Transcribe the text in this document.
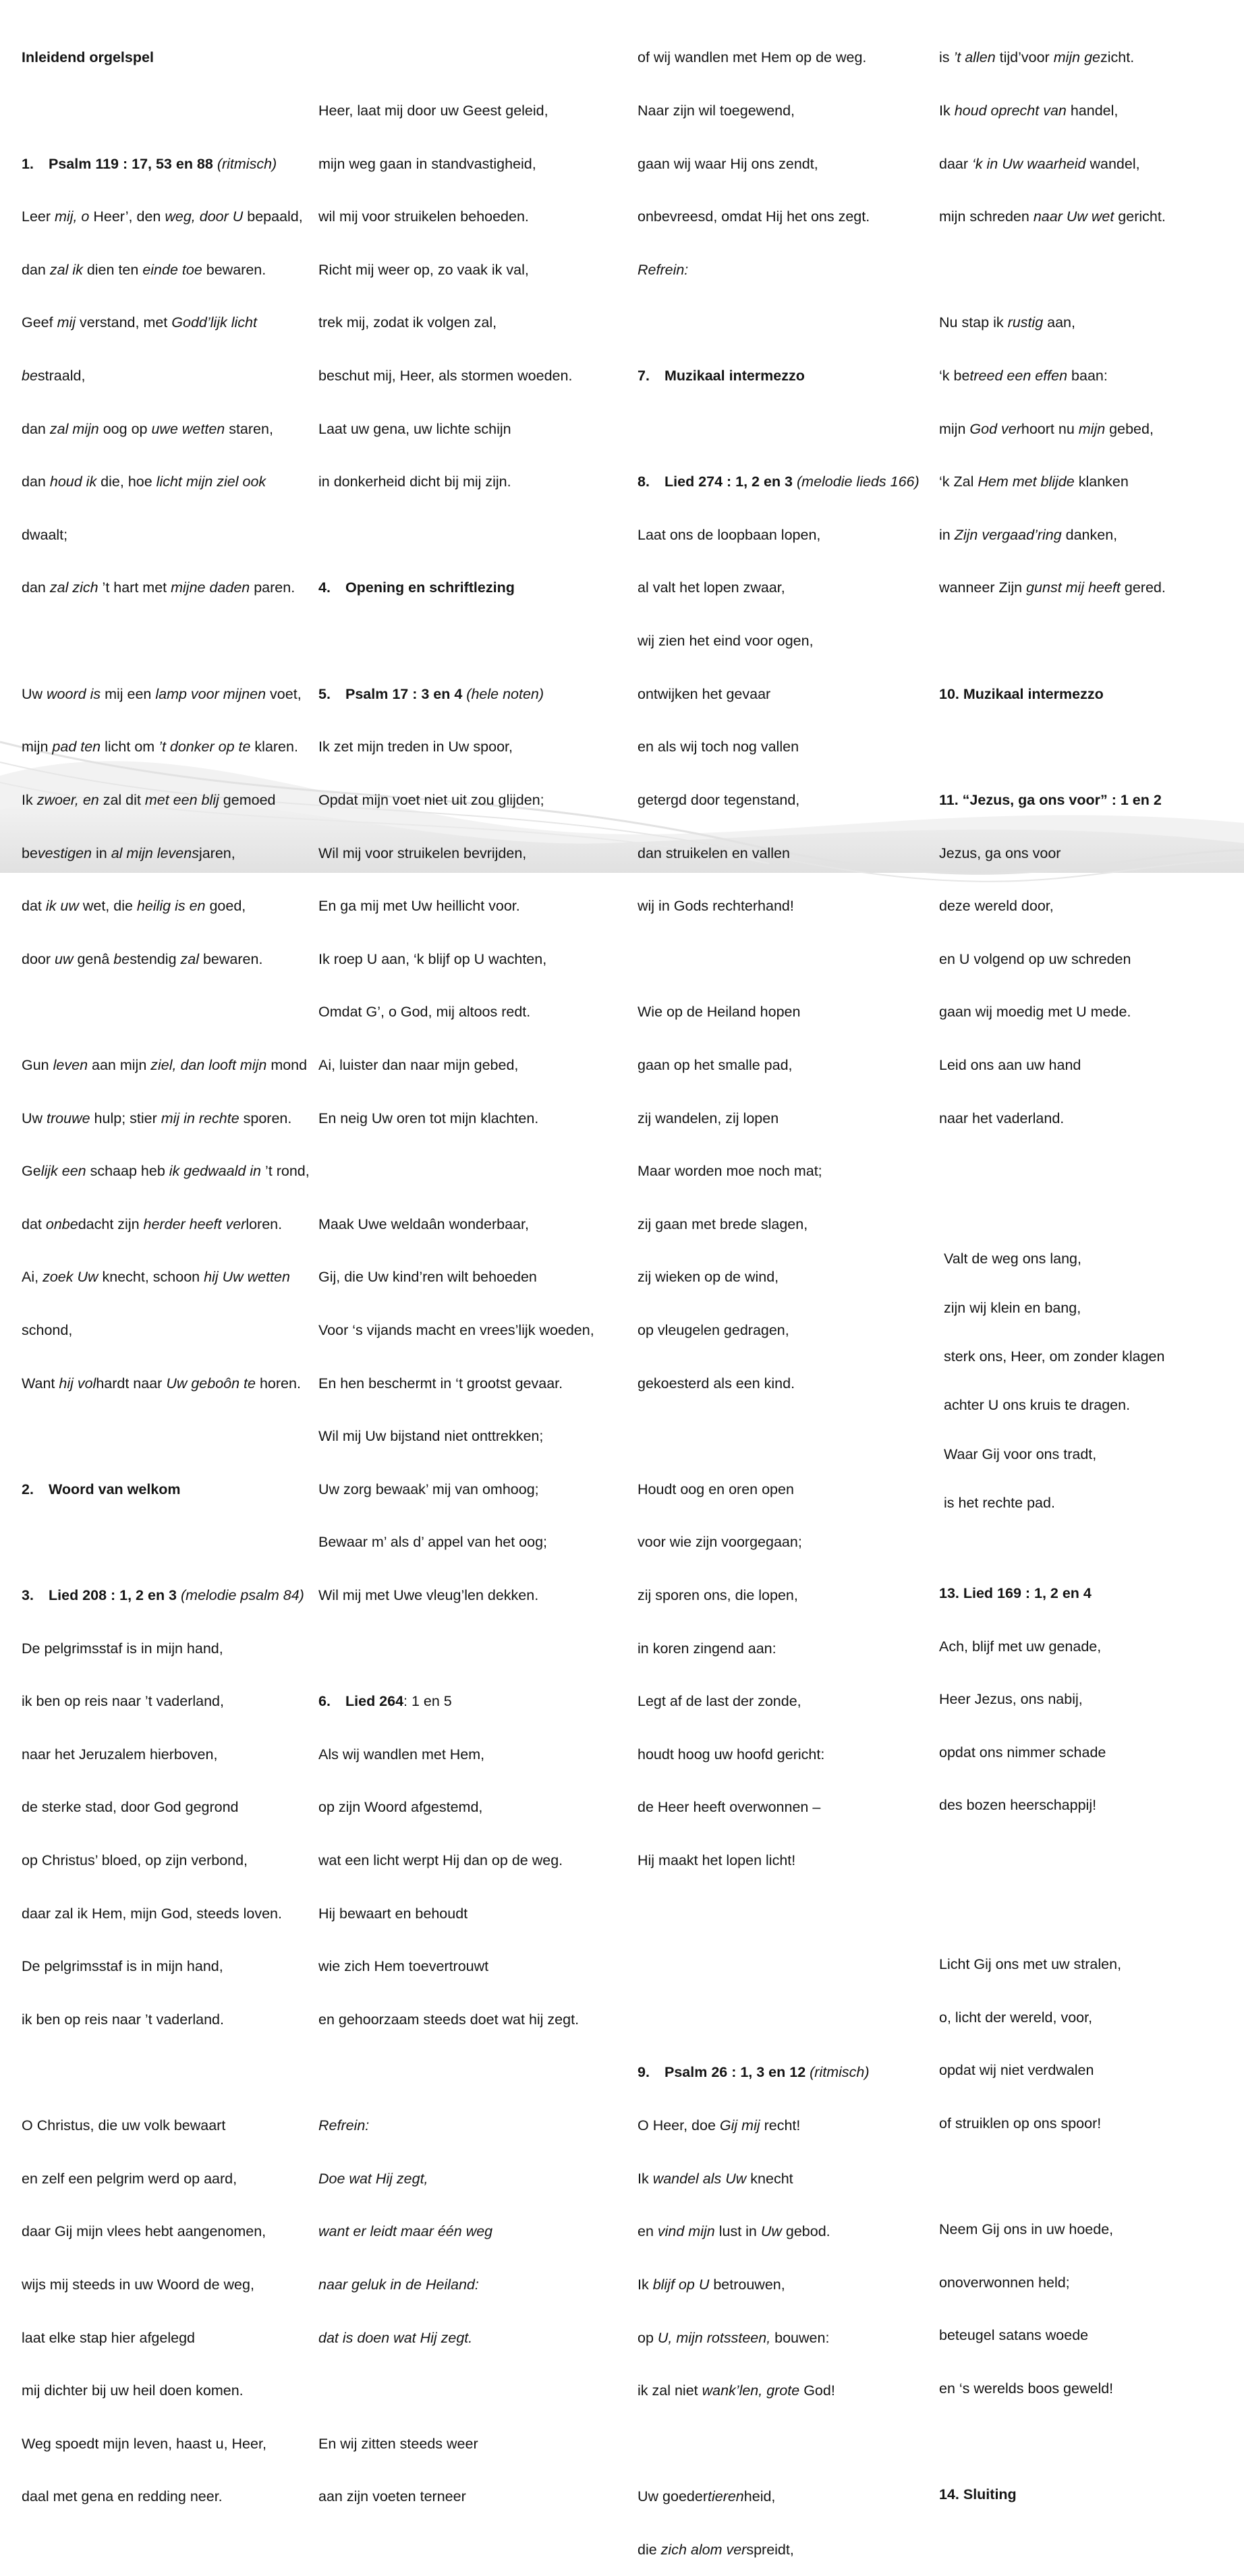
Inleidend orgelspel

1. Psalm 119 : 17, 53 en 88 (ritmisch)

Leer mij, o Heer’, den weg, door U bepaald,

dan zal ik dien ten einde toe bewaren.

Geef mij verstand, met Godd’lijk licht

bestraald,

dan zal mijn oog op uwe wetten staren,

dan houd ik die, hoe licht mijn ziel ook

dwaalt;

dan zal zich ’t hart met mijne daden paren.

Uw woord is mij een lamp voor mijnen voet,

mijn pad ten licht om ’t donker op te klaren.

Ik zwoer, en zal dit met een blij gemoed

bevestigen in al mijn levensjaren,

dat ik uw wet, die heilig is en goed,

door uw genâ bestendig zal bewaren.

Gun leven aan mijn ziel, dan looft mijn mond

Uw trouwe hulp; stier mij in rechte sporen.

Gelijk een schaap heb ik gedwaald in ’t rond,

dat onbedacht zijn herder heeft verloren.

Ai, zoek Uw knecht, schoon hij Uw wetten

schond,

Want hij volhardt naar Uw geboôn te horen.

2. Woord van welkom

3. Lied 208 : 1, 2 en 3 (melodie psalm 84)

De pelgrimsstaf is in mijn hand,

ik ben op reis naar ’t vaderland,

naar het Jeruzalem hierboven,

de sterke stad, door God gegrond

op Christus’ bloed, op zijn verbond,

daar zal ik Hem, mijn God, steeds loven.

De pelgrimsstaf is in mijn hand,

ik ben op reis naar ’t vaderland.

O Christus, die uw volk bewaart

en zelf een pelgrim werd op aard,

daar Gij mijn vlees hebt aangenomen,

wijs mij steeds in uw Woord de weg,

laat elke stap hier afgelegd

mij dichter bij uw heil doen komen.

Weg spoedt mijn leven, haast u, Heer,

daal met gena en redding neer.

Heer, laat mij door uw Geest geleid,

mijn weg gaan in standvastigheid,

wil mij voor struikelen behoeden.

Richt mij weer op, zo vaak ik val,

trek mij, zodat ik volgen zal,

beschut mij, Heer, als stormen woeden.

Laat uw gena, uw lichte schijn

in donkerheid dicht bij mij zijn.

4. Opening en schriftlezing

5. Psalm 17 : 3 en 4 (hele noten)

Ik zet mijn treden in Uw spoor,

Opdat mijn voet niet uit zou glijden;

Wil mij voor struikelen bevrijden,

En ga mij met Uw heillicht voor.

Ik roep U aan, ‘k blijf op U wachten,

Omdat G’, o God, mij altoos redt.

Ai, luister dan naar mijn gebed,

En neig Uw oren tot mijn klachten.

Maak Uwe weldaân wonderbaar,

Gij, die Uw kind’ren wilt behoeden

Voor ‘s vijands macht en vrees’lijk woeden,

En hen beschermt in ‘t grootst gevaar.

Wil mij Uw bijstand niet onttrekken;

Uw zorg bewaak’ mij van omhoog;

Bewaar m’ als d’ appel van het oog;

Wil mij met Uwe vleug’len dekken.

6. Lied 264: 1 en 5

Als wij wandlen met Hem,

op zijn Woord afgestemd,

wat een licht werpt Hij dan op de weg.

Hij bewaart en behoudt

wie zich Hem toevertrouwt

en gehoorzaam steeds doet wat hij zegt.

Refrein:

Doe wat Hij zegt,

want er leidt maar één weg

naar geluk in de Heiland:

dat is doen wat Hij zegt.

En wij zitten steeds weer

aan zijn voeten terneer

of wij wandlen met Hem op de weg.

Naar zijn wil toegewend,

gaan wij waar Hij ons zendt,

onbevreesd, omdat Hij het ons zegt.

Refrein:

7. Muzikaal intermezzo

8. Lied 274 : 1, 2 en 3 (melodie lieds 166)

Laat ons de loopbaan lopen,

al valt het lopen zwaar,

wij zien het eind voor ogen,

ontwijken het gevaar

en als wij toch nog vallen

getergd door tegenstand,

dan struikelen en vallen

wij in Gods rechterhand!

Wie op de Heiland hopen

gaan op het smalle pad,

zij wandelen, zij lopen

Maar worden moe noch mat;

zij gaan met brede slagen,

zij wieken op de wind,

op vleugelen gedragen,

gekoesterd als een kind.

Houdt oog en oren open

voor wie zijn voorgegaan;

zij sporen ons, die lopen,

in koren zingend aan:

Legt af de last der zonde,

houdt hoog uw hoofd gericht:

de Heer heeft overwonnen –

Hij maakt het lopen licht!

9. Psalm 26 : 1, 3 en 12 (ritmisch)

O Heer, doe Gij mij recht!

Ik wandel als Uw knecht

en vind mijn lust in Uw gebod.

Ik blijf op U betrouwen,

op U, mijn rotssteen, bouwen:

ik zal niet wank’len, grote God!

Uw goedertierenheid,

die zich alom verspreidt,

is ’t allen tijd’voor mijn gezicht.

Ik houd oprecht van handel,

daar ‘k in Uw waarheid wandel,

mijn schreden naar Uw wet gericht.

Nu stap ik rustig aan,

‘k betreed een effen baan:

mijn God verhoort nu mijn gebed,

‘k Zal Hem met blijde klanken

in Zijn vergaad’ring danken,

wanneer Zijn gunst mij heeft gered.

10. Muzikaal intermezzo

11. “Jezus, ga ons voor” : 1 en 2

Jezus, ga ons voor

deze wereld door,

en U volgend op uw schreden

gaan wij moedig met U mede.

Leid ons aan uw hand

naar het vaderland.

Valt de weg ons lang,

zijn wij klein en bang,

sterk ons, Heer, om zonder klagen

achter U ons kruis te dragen.

Waar Gij voor ons tradt,

is het rechte pad.

13. Lied 169 : 1, 2 en 4

Ach, blijf met uw genade,

Heer Jezus, ons nabij,

opdat ons nimmer schade

des bozen heerschappij!

Licht Gij ons met uw stralen,

o, licht der wereld, voor,

opdat wij niet verdwalen

of struiklen op ons spoor!

Neem Gij ons in uw hoede,

onoverwonnen held;

beteugel satans woede

en ‘s werelds boos geweld!

14. Sluiting
